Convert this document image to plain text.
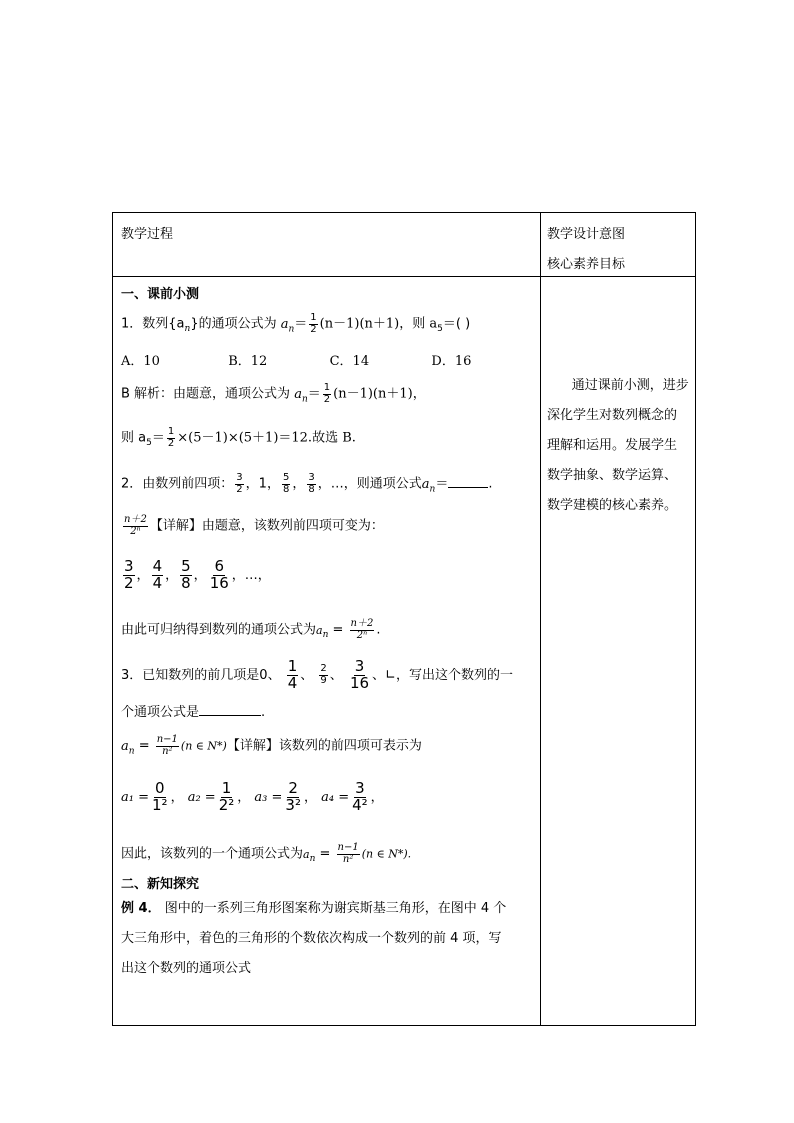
教学过程	教学设计意图
核心素养目标
一、课前小测
1．数列$\{a_n\}$的通项公式为 $a_n= \frac{1}{2} (n-1)(n+1)$，则 $a_5=$( )
A．10	B．12	C．14	D．16
B 解析：由题意，通项公式为 $a_n= \frac{1}{2} (n-1)(n+1)$，
则 $a_5= \frac{1}{2} \times(5-1)\times(5+1)=12$.故选 B.
2．由数列前四项： $\frac{3}{2}$ ，1， $\frac{5}{8}$ ， $\frac{3}{8}$ ，…，则通项公式$a_n=$	.
$\frac{n+2}{\text{2ⁿ}}$ 【详解】由题意，该数列前四项可变为：
$\frac{3}{2}$ ， $\frac{4}{4}$ ， $\frac{5}{8}$ ， $\frac{6}{16}$ ，…，
由此可归纳得到数列的通项公式为$a_n = \frac{n+2}{\text{2ⁿ}}$ .
3．已知数列的前几项是0、 $\frac{1}{4}$ 、 $\frac{2}{9}$ 、 $\frac{3}{16}$ 、∟，写出这个数列的一
个通项公式是	.
$a_n = \frac{n-1}{\text{n²}} (n$ ∈ N*)【详解】该数列的前四项可表示为
$a_1 = \frac{0}{\text{1²}}$ ， $a_2 = \frac{1}{\text{2²}}$ ， $a_3 = \frac{2}{\text{3²}}$ ， $a_4 = \frac{3}{\text{4²}}$ ，
因此，该数列的一个通项公式为$a_n = \frac{n-1}{\text{n²}} (n$ ∈ N*).
二、新知探究
例 4． 图中的一系列三角形图案称为谢宾斯基三角形，在图中 4 个
大三角形中，着色的三角形的个数依次构成一个数列的前 4 项，写
出这个数列的通项公式
通过课前小测，进步
深化学生对数列概念的
理解和运用。发展学生
数学抽象、数学运算、
数学建模的核心素养。
